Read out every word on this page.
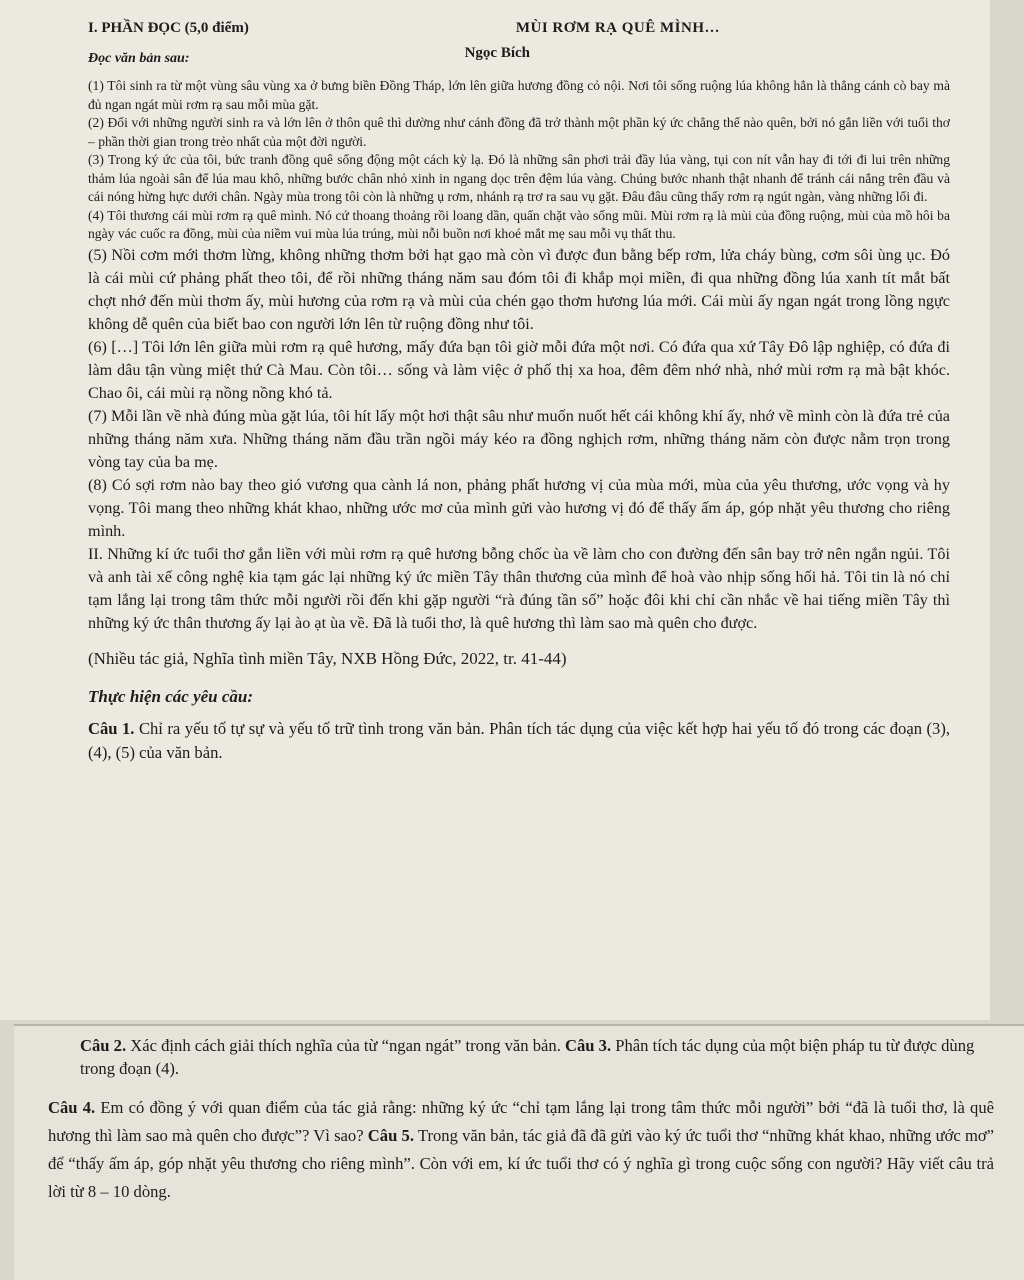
I. PHẦN ĐỌC (5,0 điểm)	MÙI RƠM RẠ QUÊ MÌNH…
Đọc văn bản sau:	Ngọc Bích

(1) Tôi sinh ra từ một vùng sâu vùng xa ở bưng biền Đồng Tháp, lớn lên giữa hương đồng cỏ nội. Nơi tôi sống ruộng lúa không hẳn là thẳng cánh cò bay mà đủ ngan ngát mùi rơm rạ sau mỗi mùa gặt.

(2) Đối với những người sinh ra và lớn lên ở thôn quê thì dường như cánh đồng đã trở thành một phần ký ức chẳng thể nào quên, bởi nó gắn liền với tuổi thơ – phần thời gian trong trẻo nhất của một đời người.

(3) Trong ký ức của tôi, bức tranh đồng quê sống động một cách kỳ lạ. Đó là những sân phơi trải đầy lúa vàng, tụi con nít vẫn hay đi tới đi lui trên những thảm lúa ngoài sân để lúa mau khô, những bước chân nhỏ xinh in ngang dọc trên đệm lúa vàng. Chúng bước nhanh thật nhanh để tránh cái nắng trên đầu và cái nóng hừng hực dưới chân. Ngày mùa trong tôi còn là những ụ rơm, nhánh rạ trơ ra sau vụ gặt. Đâu đâu cũng thấy rơm rạ ngút ngàn, vàng những lối đi.

(4) Tôi thương cái mùi rơm rạ quê mình. Nó cứ thoang thoảng rồi loang dần, quấn chặt vào sống mũi. Mùi rơm rạ là mùi của đồng ruộng, mùi của mồ hôi ba ngày vác cuốc ra đồng, mùi của niềm vui mùa lúa trúng, mùi nỗi buồn nơi khoé mắt mẹ sau mỗi vụ thất thu.

(5) Nồi cơm mới thơm lừng, không những thơm bởi hạt gạo mà còn vì được đun bằng bếp rơm, lửa cháy bùng, cơm sôi ùng ục. Đó là cái mùi cứ phảng phất theo tôi, để rồi những tháng năm sau đóm tôi đi khắp mọi miền, đi qua những đồng lúa xanh tít mắt bất chợt nhớ đến mùi thơm ấy, mùi hương của rơm rạ và mùi của chén gạo thơm hương lúa mới. Cái mùi ấy ngan ngát trong lồng ngực không dễ quên của biết bao con người lớn lên từ ruộng đồng như tôi.

(6) […] Tôi lớn lên giữa mùi rơm rạ quê hương, mấy đứa bạn tôi giờ mỗi đứa một nơi. Có đứa qua xứ Tây Đô lập nghiệp, có đứa đi làm dâu tận vùng miệt thứ Cà Mau. Còn tôi… sống và làm việc ở phố thị xa hoa, đêm đêm nhớ nhà, nhớ mùi rơm rạ mà bật khóc. Chao ôi, cái mùi rạ nồng nồng khó tả.

(7) Mỗi lần về nhà đúng mùa gặt lúa, tôi hít lấy một hơi thật sâu như muốn nuốt hết cái không khí ấy, nhớ về mình còn là đứa trẻ của những tháng năm xưa. Những tháng năm đầu trần ngồi máy kéo ra đồng nghịch rơm, những tháng năm còn được nằm trọn trong vòng tay của ba mẹ.

(8) Có sợi rơm nào bay theo gió vương qua cành lá non, phảng phất hương vị của mùa mới, mùa của yêu thương, ước vọng và hy vọng. Tôi mang theo những khát khao, những ước mơ của mình gửi vào hương vị đó để thấy ấm áp, góp nhặt yêu thương cho riêng mình.

II. Những kí ức tuổi thơ gắn liền với mùi rơm rạ quê hương bỗng chốc ùa về làm cho con đường đến sân bay trở nên ngắn ngủi. Tôi và anh tài xế công nghệ kia tạm gác lại những ký ức miền Tây thân thương của mình để hoà vào nhịp sống hối hả. Tôi tin là nó chỉ tạm lắng lại trong tâm thức mỗi người rồi đến khi gặp người “rà đúng tần số” hoặc đôi khi chỉ cần nhắc về hai tiếng miền Tây thì những ký ức thân thương ấy lại ào ạt ùa về. Đã là tuổi thơ, là quê hương thì làm sao mà quên cho được.

(Nhiều tác giả, Nghĩa tình miền Tây, NXB Hồng Đức, 2022, tr. 41-44)
Thực hiện các yêu cầu:

Câu 1. Chỉ ra yếu tố tự sự và yếu tố trữ tình trong văn bản. Phân tích tác dụng của việc kết hợp hai yếu tố đó trong các đoạn (3), (4), (5) của văn bản.

Câu 2. Xác định cách giải thích nghĩa của từ “ngan ngát” trong văn bản. Câu 3. Phân tích tác dụng của một biện pháp tu từ được dùng trong đoạn (4).

Câu 4. Em có đồng ý với quan điểm của tác giả rằng: những ký ức “chỉ tạm lắng lại trong tâm thức mỗi người” bởi “đã là tuổi thơ, là quê hương thì làm sao mà quên cho được”? Vì sao? Câu 5. Trong văn bản, tác giả đã đã gửi vào ký ức tuổi thơ “những khát khao, những ước mơ” để “thấy ấm áp, góp nhặt yêu thương cho riêng mình”. Còn với em, kí ức tuổi thơ có ý nghĩa gì trong cuộc sống con người? Hãy viết câu trả lời từ 8 – 10 dòng.
